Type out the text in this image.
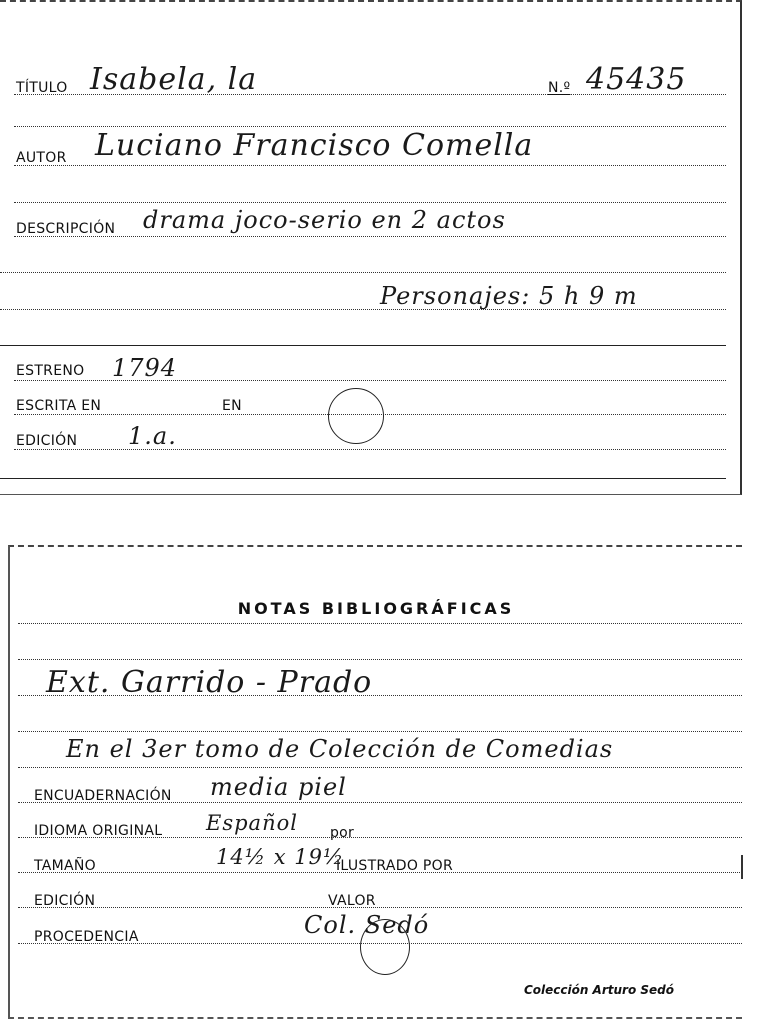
TÍTULO Isabela, la	N.º 45435
AUTOR Luciano Francisco Comella
DESCRIPCIÓN drama joco-serio en 2 actos
Personajes: 5 h 9 m
ESTRENO 1794
ESCRITA EN	EN
EDICIÓN 1.a.
NOTAS BIBLIOGRÁFICAS
Ext. Garrido - Prado
En el 3er tomo de Colección de Comedias
ENCUADERNACIÓN media piel
IDIOMA ORIGINAL Español por
TAMAÑO	14½ x 19½
ILUSTRADO POR
EDICIÓN	VALOR
PROCEDENCIA	Col. Sedó
Colección Arturo Sedó
